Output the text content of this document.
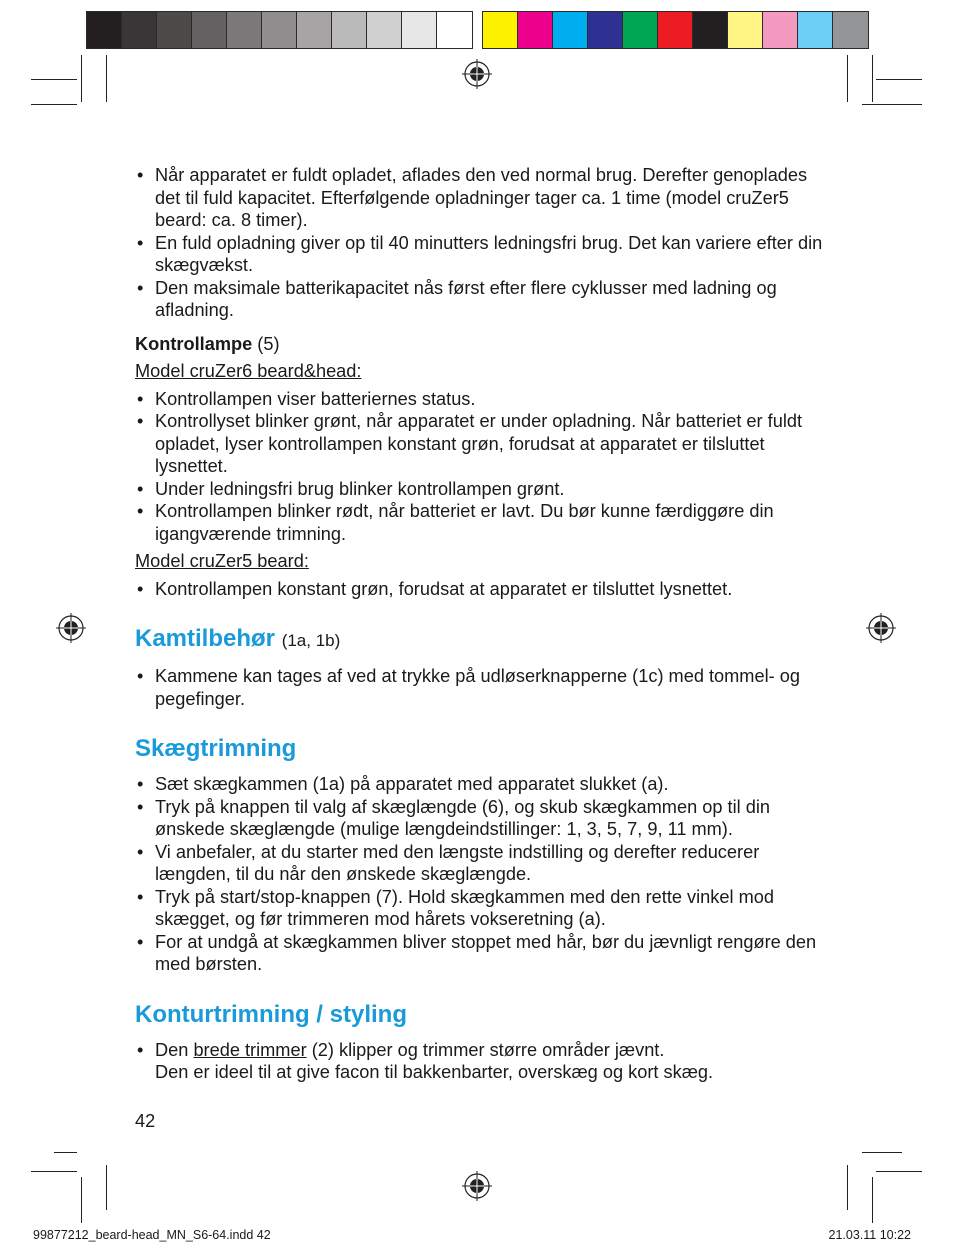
• Når apparatet er fuldt opladet, aflades den ved normal brug. Derefter genoplades det til fuld kapacitet. Efterfølgende opladninger tager ca. 1 time (model cruZer5 beard: ca. 8 timer).
• En fuld opladning giver op til 40 minutters ledningsfri brug. Det kan variere efter din skægvækst.
• Den maksimale batterikapacitet nås først efter flere cyklusser med ladning og afladning.

Kontrollampe (5)

Model cruZer6 beard&head:

• Kontrollampen viser batteriernes status.
• Kontrollyset blinker grønt, når apparatet er under opladning. Når batteriet er fuldt opladet, lyser kontrollampen konstant grøn, forudsat at apparatet er tilsluttet lysnettet.
• Under ledningsfri brug blinker kontrollampen grønt.
• Kontrollampen blinker rødt, når batteriet er lavt. Du bør kunne færdiggøre din igangværende trimning.

Model cruZer5 beard:

• Kontrollampen konstant grøn, forudsat at apparatet er tilsluttet lysnettet.
Kamtilbehør (1a, 1b)
• Kammene kan tages af ved at trykke på udløserknapperne (1c) med tommel- og pegefinger.
Skægtrimning
• Sæt skægkammen (1a) på apparatet med apparatet slukket (a).
• Tryk på knappen til valg af skæglængde (6), og skub skægkammen op til din ønskede skæglængde (mulige længdeindstillinger: 1, 3, 5, 7, 9, 11 mm).
• Vi anbefaler, at du starter med den længste indstilling og derefter reducerer længden, til du når den ønskede skæglængde.
• Tryk på start/stop-knappen (7). Hold skægkammen med den rette vinkel mod skægget, og før trimmeren mod hårets vokseretning (a).
• For at undgå at skægkammen bliver stoppet med hår, bør du jævnligt rengøre den med børsten.
Konturtrimning / styling
• Den brede trimmer (2) klipper og trimmer større områder jævnt.
Den er ideel til at give facon til bakkenbarter, overskæg og kort skæg.
42
99877212_beard-head_MN_S6-64.indd 42	21.03.11 10:22
